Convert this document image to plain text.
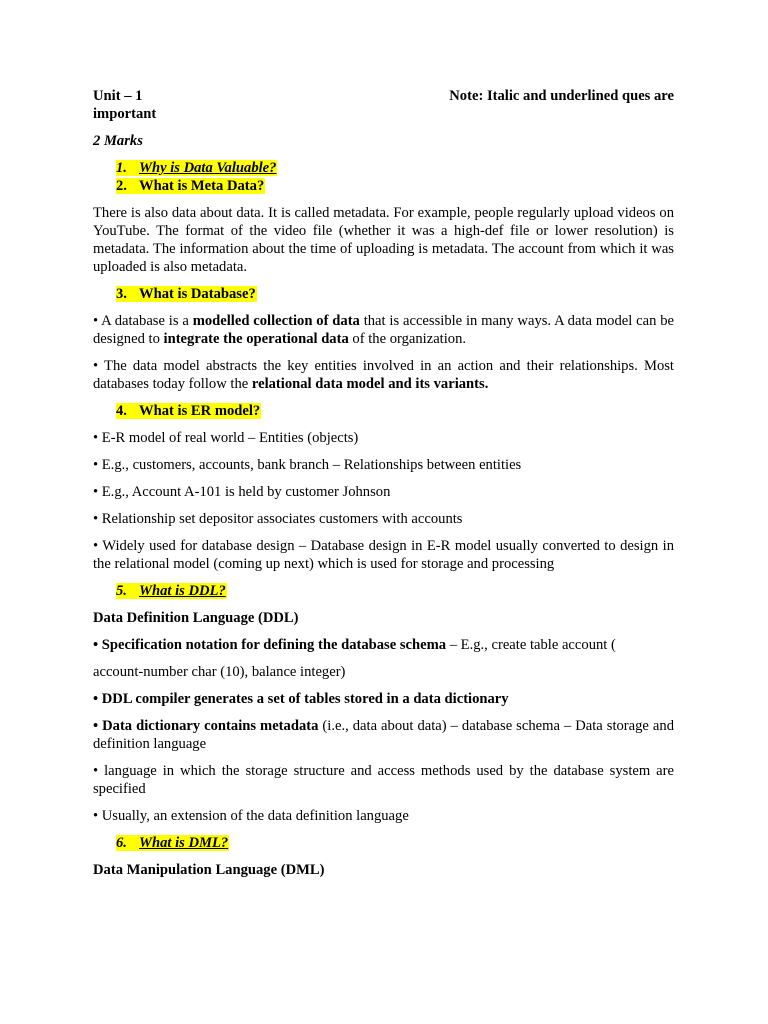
Unit – 1	Note: Italic and underlined ques are
important
2 Marks
1. Why is Data Valuable?
2. What is Meta Data?

There is also data about data. It is called metadata. For example, people regularly upload videos on YouTube. The format of the video file (whether it was a high-def file or lower resolution) is metadata. The information about the time of uploading is metadata. The account from which it was uploaded is also metadata.

3. What is Database?

• A database is a modelled collection of data that is accessible in many ways. A data model can be designed to integrate the operational data of the organization.

• The data model abstracts the key entities involved in an action and their relationships. Most databases today follow the relational data model and its variants.

4. What is ER model?

• E-R model of real world – Entities (objects)

• E.g., customers, accounts, bank branch – Relationships between entities

• E.g., Account A-101 is held by customer Johnson

• Relationship set depositor associates customers with accounts

• Widely used for database design – Database design in E-R model usually converted to design in the relational model (coming up next) which is used for storage and processing

5. What is DDL?

Data Definition Language (DDL)

• Specification notation for defining the database schema – E.g., create table account (

account-number char (10), balance integer)

• DDL compiler generates a set of tables stored in a data dictionary

• Data dictionary contains metadata (i.e., data about data) – database schema – Data storage and definition language

• language in which the storage structure and access methods used by the database system are specified

• Usually, an extension of the data definition language

6. What is DML?

Data Manipulation Language (DML)
